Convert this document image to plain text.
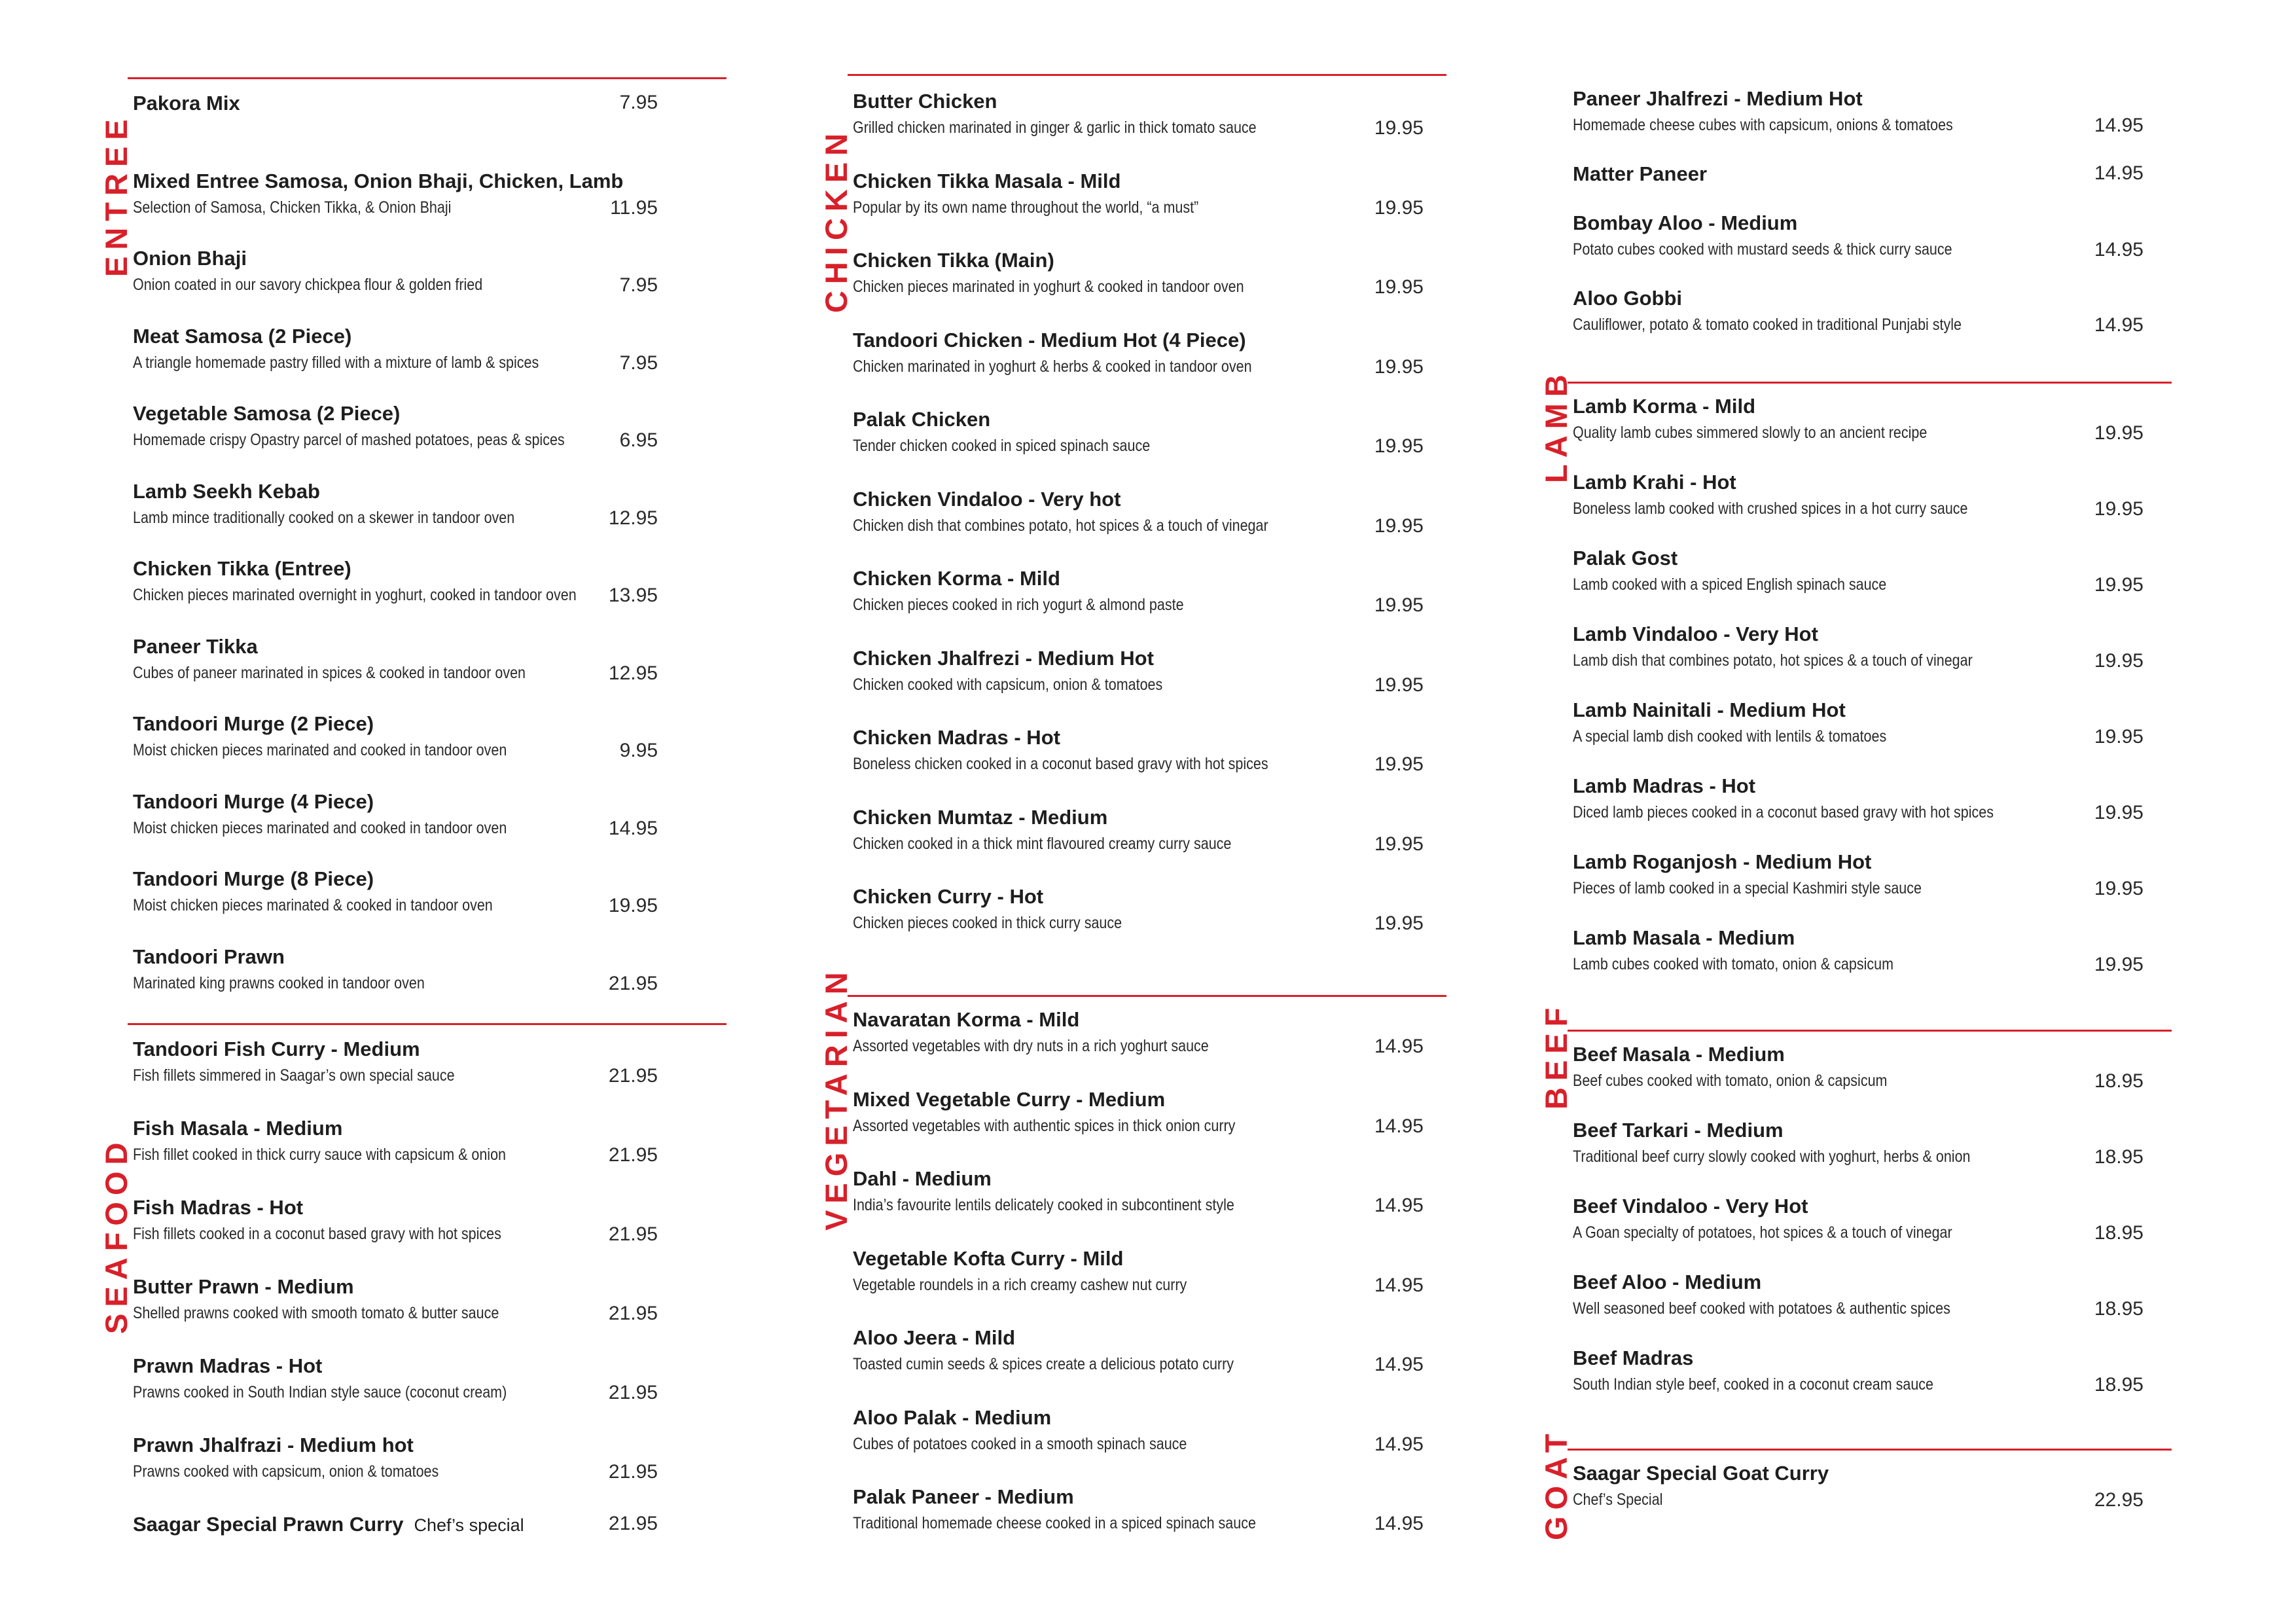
ENTREE
Pakora Mix	7.95
Mixed Entree Samosa, Onion Bhaji, Chicken, Lamb
Selection of Samosa, Chicken Tikka, & Onion Bhaji	11.95
Onion Bhaji
Onion coated in our savory chickpea flour & golden fried	7.95
Meat Samosa (2 Piece)
A triangle homemade pastry filled with a mixture of lamb & spices	7.95
Vegetable Samosa (2 Piece)
Homemade crispy Opastry parcel of mashed potatoes, peas & spices	6.95
Lamb Seekh Kebab
Lamb mince traditionally cooked on a skewer in tandoor oven	12.95
Chicken Tikka (Entree)
Chicken pieces marinated overnight in yoghurt, cooked in tandoor oven	13.95
Paneer Tikka
Cubes of paneer marinated in spices & cooked in tandoor oven	12.95
Tandoori Murge (2 Piece)
Moist chicken pieces marinated and cooked in tandoor oven	9.95
Tandoori Murge (4 Piece)
Moist chicken pieces marinated and cooked in tandoor oven	14.95
Tandoori Murge (8 Piece)
Moist chicken pieces marinated & cooked in tandoor oven	19.95
Tandoori Prawn
Marinated king prawns cooked in tandoor oven	21.95
SEAFOOD
Tandoori Fish Curry - Medium
Fish fillets simmered in Saagar’s own special sauce	21.95
Fish Masala - Medium
Fish fillet cooked in thick curry sauce with capsicum & onion	21.95
Fish Madras - Hot
Fish fillets cooked in a coconut based gravy with hot spices	21.95
Butter Prawn - Medium
Shelled prawns cooked with smooth tomato & butter sauce	21.95
Prawn Madras - Hot
Prawns cooked in South Indian style sauce (coconut cream)	21.95
Prawn Jhalfrazi - Medium hot
Prawns cooked with capsicum, onion & tomatoes	21.95
Saagar Special Prawn Curry Chef’s special	21.95
CHICKEN
Butter Chicken
Grilled chicken marinated in ginger & garlic in thick tomato sauce	19.95
Chicken Tikka Masala - Mild
Popular by its own name throughout the world, “a must”	19.95
Chicken Tikka (Main)
Chicken pieces marinated in yoghurt & cooked in tandoor oven	19.95
Tandoori Chicken - Medium Hot (4 Piece)
Chicken marinated in yoghurt & herbs & cooked in tandoor oven	19.95
Palak Chicken
Tender chicken cooked in spiced spinach sauce	19.95
Chicken Vindaloo - Very hot
Chicken dish that combines potato, hot spices & a touch of vinegar	19.95
Chicken Korma - Mild
Chicken pieces cooked in rich yogurt & almond paste	19.95
Chicken Jhalfrezi - Medium Hot
Chicken cooked with capsicum, onion & tomatoes	19.95
Chicken Madras - Hot
Boneless chicken cooked in a coconut based gravy with hot spices	19.95
Chicken Mumtaz - Medium
Chicken cooked in a thick mint flavoured creamy curry sauce	19.95
Chicken Curry - Hot
Chicken pieces cooked in thick curry sauce	19.95
VEGETARIAN Navaratan Korma - Mild
Assorted vegetables with dry nuts in a rich yoghurt sauce	14.95
Mixed Vegetable Curry - Medium
Assorted vegetables with authentic spices in thick onion curry	14.95
Dahl - Medium
India’s favourite lentils delicately cooked in subcontinent style	14.95
Vegetable Kofta Curry - Mild
Vegetable roundels in a rich creamy cashew nut curry	14.95
Aloo Jeera - Mild
Toasted cumin seeds & spices create a delicious potato curry	14.95
Aloo Palak - Medium
Cubes of potatoes cooked in a smooth spinach sauce	14.95
Palak Paneer - Medium
Traditional homemade cheese cooked in a spiced spinach sauce	14.95
Paneer Jhalfrezi - Medium Hot
Homemade cheese cubes with capsicum, onions & tomatoes	14.95
Matter Paneer	14.95
Bombay Aloo - Medium
Potato cubes cooked with mustard seeds & thick curry sauce	14.95
Aloo Gobbi
Cauliflower, potato & tomato cooked in traditional Punjabi style	14.95
LAMB Lamb Korma - Mild
Quality lamb cubes simmered slowly to an ancient recipe	19.95
Lamb Krahi - Hot
Boneless lamb cooked with crushed spices in a hot curry sauce	19.95
Palak Gost
Lamb cooked with a spiced English spinach sauce	19.95
Lamb Vindaloo - Very Hot
Lamb dish that combines potato, hot spices & a touch of vinegar	19.95
Lamb Nainitali - Medium Hot
A special lamb dish cooked with lentils & tomatoes	19.95
Lamb Madras - Hot
Diced lamb pieces cooked in a coconut based gravy with hot spices	19.95
Lamb Roganjosh - Medium Hot
Pieces of lamb cooked in a special Kashmiri style sauce	19.95
Lamb Masala - Medium
Lamb cubes cooked with tomato, onion & capsicum	19.95
BEEF Beef Masala - Medium
Beef cubes cooked with tomato, onion & capsicum	18.95
Beef Tarkari - Medium
Traditional beef curry slowly cooked with yoghurt, herbs & onion	18.95
Beef Vindaloo - Very Hot
A Goan specialty of potatoes, hot spices & a touch of vinegar	18.95
Beef Aloo - Medium
Well seasoned beef cooked with potatoes & authentic spices	18.95
Beef Madras
South Indian style beef, cooked in a coconut cream sauce	18.95
GOAT Saagar Special Goat Curry
Chef’s Special	22.95
